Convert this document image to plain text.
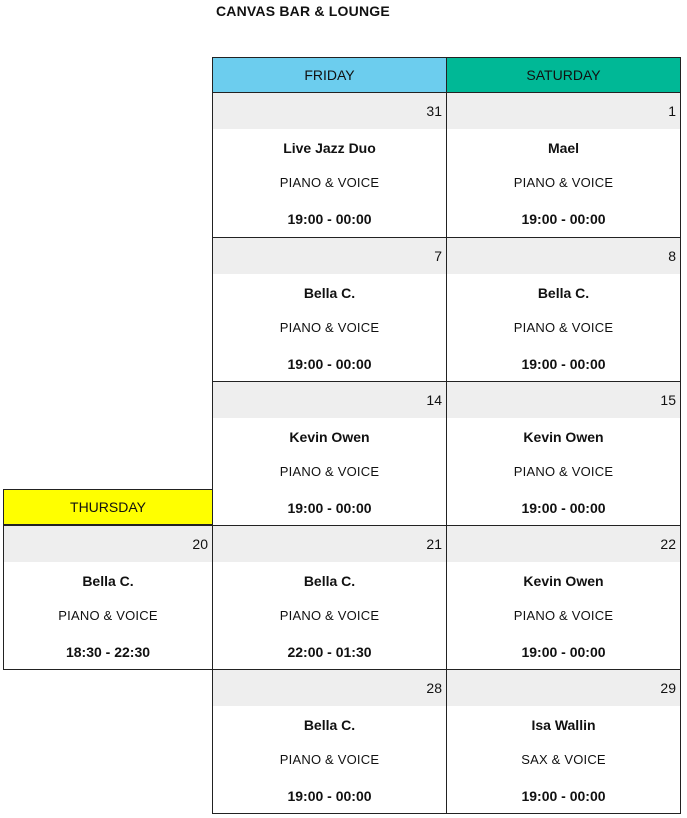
CANVAS BAR & LOUNGE
FRIDAY	SATURDAY
THURSDAY
31
Live Jazz Duo
PIANO & VOICE
19:00 - 00:00
1
Mael
PIANO & VOICE
19:00 - 00:00
7
Bella C.
PIANO & VOICE
19:00 - 00:00
8
Bella C.
PIANO & VOICE
19:00 - 00:00
14
Kevin Owen
PIANO & VOICE
19:00 - 00:00
15
Kevin Owen
PIANO & VOICE
19:00 - 00:00
20
Bella C.
PIANO & VOICE
18:30 - 22:30
21
Bella C.
PIANO & VOICE
22:00 - 01:30
22
Kevin Owen
PIANO & VOICE
19:00 - 00:00
28
Bella C.
PIANO & VOICE
19:00 - 00:00
29
Isa Wallin
SAX & VOICE
19:00 - 00:00
